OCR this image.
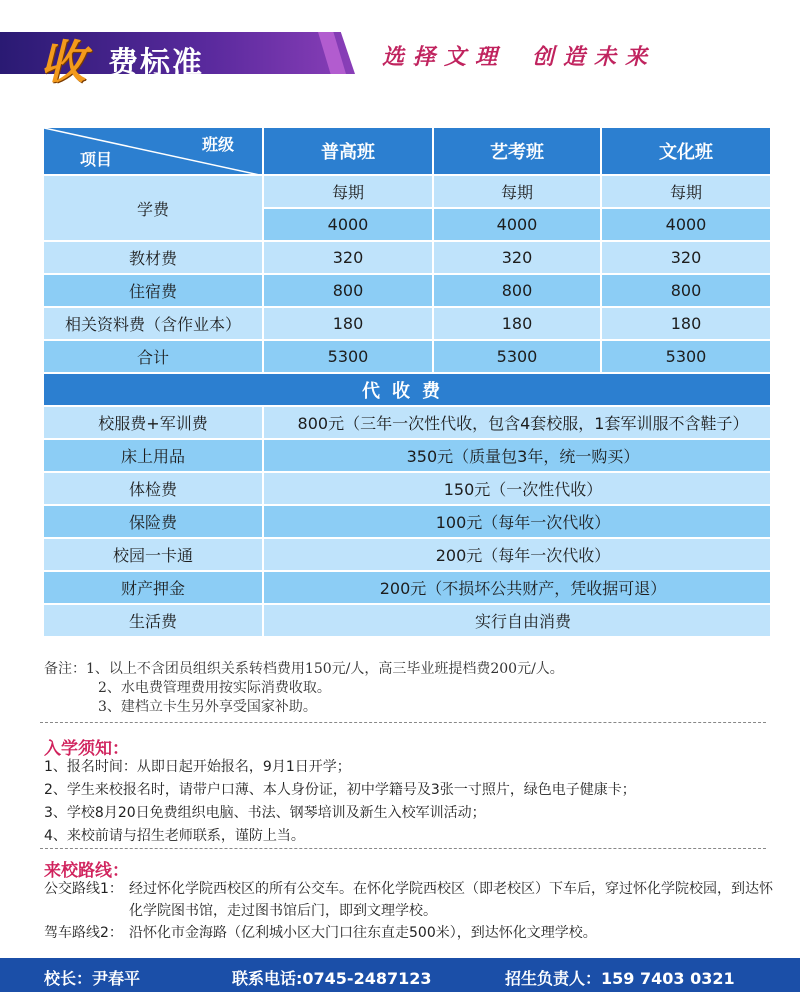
收 费标准	选择文理 创造未来
班级
项目	普高班	艺考班	文化班
学费	每期	每期	每期
	4000	4000	4000
教材费	320	320	320
住宿费	800	800	800
相关资料费（含作业本）	180	180	180
合计	5300	5300	5300
代收费			
校服费+军训费	800元（三年一次性代收，包含4套校服，1套军训服不含鞋子）		
床上用品	350元（质量包3年，统一购买）		
体检费	150元（一次性代收）		
保险费	100元（每年一次代收）		
校园一卡通	200元（每年一次代收）		
财产押金	200元（不损坏公共财产，凭收据可退）		
生活费	实行自由消费		
备注：1、以上不含团员组织关系转档费用150元/人，高三毕业班提档费200元/人。
2、水电费管理费用按实际消费收取。
3、建档立卡生另外享受国家补助。
入学须知：
1、报名时间：从即日起开始报名，9月1日开学；
2、学生来校报名时，请带户口薄、本人身份证，初中学籍号及3张一寸照片，绿色电子健康卡；
3、学校8月20日免费组织电脑、书法、钢琴培训及新生入校军训活动；
4、来校前请与招生老师联系，谨防上当。
来校路线：
公交路线1： 经过怀化学院西校区的所有公交车。在怀化学院西校区（即老校区）下车后，穿过怀化学院校园，到达怀化学院图书馆，走过图书馆后门，即到文理学校。
驾车路线2： 沿怀化市金海路（亿利城小区大门口往东直走500米），到达怀化文理学校。
校长：尹春平	联系电话:0745-2487123	招生负责人：159 7403 0321
